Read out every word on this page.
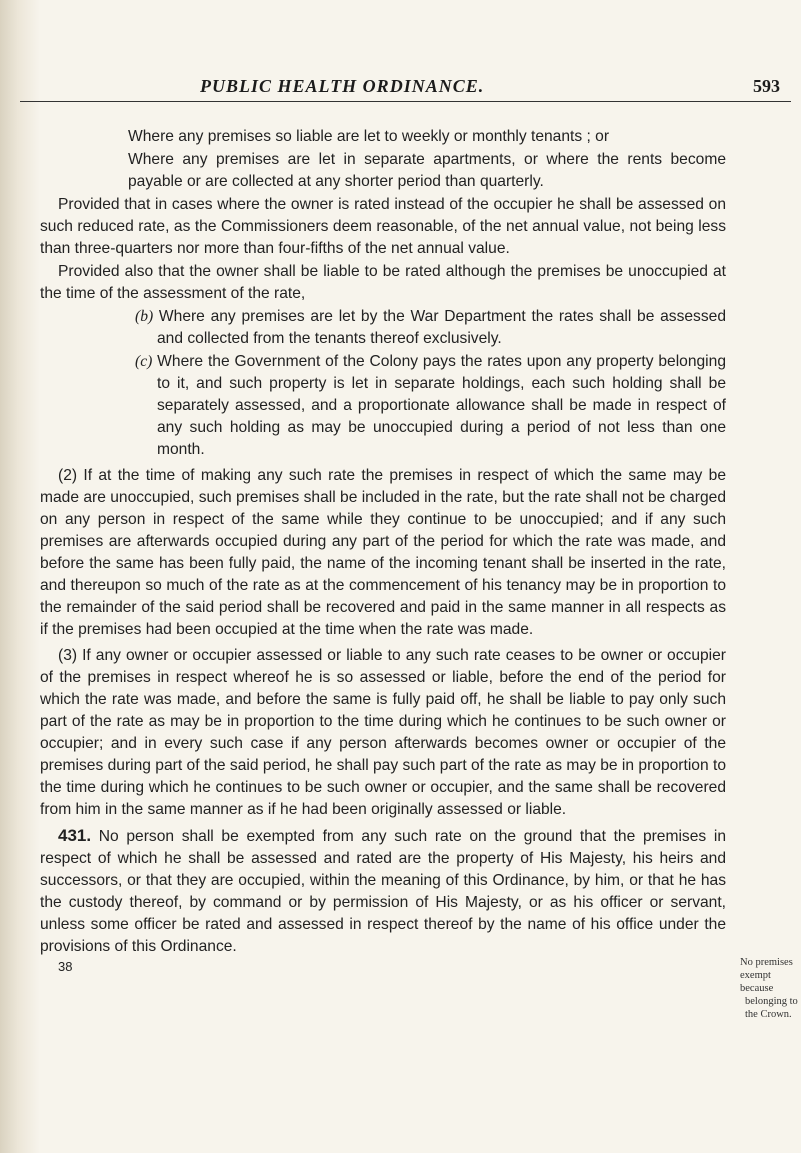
PUBLIC HEALTH ORDINANCE.	593

Where any premises so liable are let to weekly or monthly tenants ; or

Where any premises are let in separate apartments, or where the rents become payable or are collected at any shorter period than quarterly.

Provided that in cases where the owner is rated instead of the occupier he shall be assessed on such reduced rate, as the Commissioners deem reasonable, of the net annual value, not being less than three-quarters nor more than four-fifths of the net annual value.

Provided also that the owner shall be liable to be rated although the premises be unoccupied at the time of the assessment of the rate,

(b) Where any premises are let by the War Department the rates shall be assessed and collected from the tenants thereof exclusively.

(c) Where the Government of the Colony pays the rates upon any property belonging to it, and such property is let in separate holdings, each such holding shall be separately assessed, and a proportionate allowance shall be made in respect of any such holding as may be unoccupied during a period of not less than one month.

(2) If at the time of making any such rate the premises in respect of which the same may be made are unoccupied, such premises shall be included in the rate, but the rate shall not be charged on any person in respect of the same while they continue to be unoccupied; and if any such premises are afterwards occupied during any part of the period for which the rate was made, and before the same has been fully paid, the name of the incoming tenant shall be inserted in the rate, and thereupon so much of the rate as at the commencement of his tenancy may be in proportion to the remainder of the said period shall be recovered and paid in the same manner in all respects as if the premises had been occupied at the time when the rate was made.

(3) If any owner or occupier assessed or liable to any such rate ceases to be owner or occupier of the premises in respect whereof he is so assessed or liable, before the end of the period for which the rate was made, and before the same is fully paid off, he shall be liable to pay only such part of the rate as may be in proportion to the time during which he continues to be such owner or occupier; and in every such case if any person afterwards becomes owner or occupier of the premises during part of the said period, he shall pay such part of the rate as may be in proportion to the time during which he continues to be such owner or occupier, and the same shall be recovered from him in the same manner as if he had been originally assessed or liable.

431. No person shall be exempted from any such rate on the ground that the premises in respect of which he shall be assessed and rated are the property of His Majesty, his heirs and successors, or that they are occupied, within the meaning of this Ordinance, by him, or that he has the custody thereof, by command or by permission of His Majesty, or as his officer or servant, unless some officer be rated and assessed in respect thereof by the name of his office under the provisions of this Ordinance.

38	No premises
exempt because
belonging to
the Crown.
